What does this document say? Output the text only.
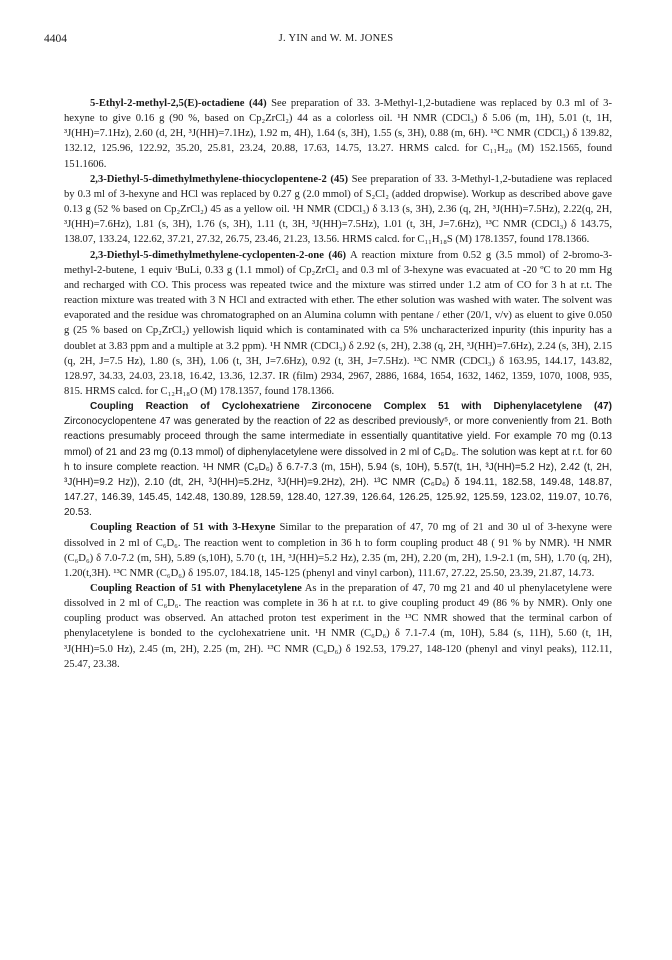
4404	J. YIN and W. M. JONES

5-Ethyl-2-methyl-2,5(E)-octadiene (44) See preparation of 33. 3-Methyl-1,2-butadiene was replaced by 0.3 ml of 3-hexyne to give 0.16 g (90 %, based on Cp₂ZrCl₂) 44 as a colorless oil. ¹H NMR (CDCl₃) δ 5.06 (m, 1H), 5.01 (t, 1H, ³J(HH)=7.1Hz), 2.60 (d, 2H, ³J(HH)=7.1Hz), 1.92 m, 4H), 1.64 (s, 3H), 1.55 (s, 3H), 0.88 (m, 6H). ¹³C NMR (CDCl₃) δ 139.82, 132.12, 125.96, 122.92, 35.20, 25.81, 23.24, 20.88, 17.63, 14.75, 13.27. HRMS calcd. for C₁₁H₂₀ (M) 152.1565, found 151.1606.

2,3-Diethyl-5-dimethylmethylene-thiocyclopentene-2 (45) See preparation of 33. 3-Methyl-1,2-butadiene was replaced by 0.3 ml of 3-hexyne and HCl was replaced by 0.27 g (2.0 mmol) of S₂Cl₂ (added dropwise). Workup as described above gave 0.13 g (52 % based on Cp₂ZrCl₂) 45 as a yellow oil. ¹H NMR (CDCl₃) δ 3.13 (s, 3H), 2.36 (q, 2H, ³J(HH)=7.5Hz), 2.22(q, 2H, ³J(HH)=7.6Hz), 1.81 (s, 3H), 1.76 (s, 3H), 1.11 (t, 3H, ³J(HH)=7.5Hz), 1.01 (t, 3H, J=7.6Hz), ¹³C NMR (CDCl₃) δ 143.75, 138.07, 133.24, 122.62, 37.21, 27.32, 26.75, 23.46, 21.23, 13.56. HRMS calcd. for C₁₁H₁₈S (M) 178.1357, found 178.1366.

2,3-Diethyl-5-dimethylmethylene-cyclopenten-2-one (46) A reaction mixture from 0.52 g (3.5 mmol) of 2-bromo-3-methyl-2-butene, 1 equiv ᵗBuLi, 0.33 g (1.1 mmol) of Cp₂ZrCl₂ and 0.3 ml of 3-hexyne was evacuated at -20 ºC to 20 mm Hg and recharged with CO. This process was repeated twice and the mixture was stirred under 1.2 atm of CO for 3 h at r.t. The reaction mixture was treated with 3 N HCl and extracted with ether. The ether solution was washed with water. The solvent was evaporated and the residue was chromatographed on an Alumina column with pentane / ether (20/1, v/v) as eluent to give 0.050 g (25 % based on Cp₂ZrCl₂) yellowish liquid which is contaminated with ca 5% uncharacterized inpurity (this inpurity has a doublet at 3.83 ppm and a multiple at 3.2 ppm). ¹H NMR (CDCl₃) δ 2.92 (s, 2H), 2.38 (q, 2H, ³J(HH)=7.6Hz), 2.24 (s, 3H), 2.15 (q, 2H, J=7.5 Hz), 1.80 (s, 3H), 1.06 (t, 3H, J=7.6Hz), 0.92 (t, 3H, J=7.5Hz). ¹³C NMR (CDCl₃) δ 163.95, 144.17, 143.82, 128.97, 34.33, 24.03, 23.18, 16.42, 13.36, 12.37. IR (film) 2934, 2967, 2886, 1684, 1654, 1632, 1462, 1359, 1070, 1008, 935, 815. HRMS calcd. for C₁₂H₁₈O (M) 178.1357, found 178.1366.

Coupling Reaction of Cyclohexatriene Zirconocene Complex 51 with Diphenylacetylene (47) Zirconocyclopentene 47 was generated by the reaction of 22 as described previously⁵, or more conveniently from 21. Both reactions presumably proceed through the same intermediate in essentially quantitative yield. For example 70 mg (0.13 mmol) of 21 and 23 mg (0.13 mmol) of diphenylacetylene were dissolved in 2 ml of C₆D₆. The solution was kept at r.t. for 60 h to insure complete reaction. ¹H NMR (C₆D₆) δ 6.7-7.3 (m, 15H), 5.94 (s, 10H), 5.57(t, 1H, ³J(HH)=5.2 Hz), 2.42 (t, 2H, ³J(HH)=9.2 Hz)), 2.10 (dt, 2H, ³J(HH)=5.2Hz, ³J(HH)=9.2Hz), 2H). ¹³C NMR (C₆D₆) δ 194.11, 182.58, 149.48, 148.87, 147.27, 146.39, 145.45, 142.48, 130.89, 128.59, 128.40, 127.39, 126.64, 126.25, 125.92, 125.59, 123.02, 119.07, 10.76, 20.53.

Coupling Reaction of 51 with 3-Hexyne Similar to the preparation of 47, 70 mg of 21 and 30 ul of 3-hexyne were dissolved in 2 ml of C₆D₆. The reaction went to completion in 36 h to form coupling product 48 ( 91 % by NMR). ¹H NMR (C₆D₆) δ 7.0-7.2 (m, 5H), 5.89 (s,10H), 5.70 (t, 1H, ³J(HH)=5.2 Hz), 2.35 (m, 2H), 2.20 (m, 2H), 1.9-2.1 (m, 5H), 1.70 (q, 2H), 1.20(t,3H). ¹³C NMR (C₆D₆) δ 195.07, 184.18, 145-125 (phenyl and vinyl carbon), 111.67, 27.22, 25.50, 23.39, 21.87, 14.73.

Coupling Reaction of 51 with Phenylacetylene As in the preparation of 47, 70 mg 21 and 40 ul phenylacetylene were dissolved in 2 ml of C₆D₆. The reaction was complete in 36 h at r.t. to give coupling product 49 (86 % by NMR). Only one coupling product was observed. An attached proton test experiment in the ¹³C NMR showed that the terminal carbon of phenylacetylene is bonded to the cyclohexatriene unit. ¹H NMR (C₆D₆) δ 7.1-7.4 (m, 10H), 5.84 (s, 11H), 5.60 (t, 1H, ³J(HH)=5.0 Hz), 2.45 (m, 2H), 2.25 (m, 2H). ¹³C NMR (C₆D₆) δ 192.53, 179.27, 148-120 (phenyl and vinyl peaks), 112.11, 25.47, 23.38.
